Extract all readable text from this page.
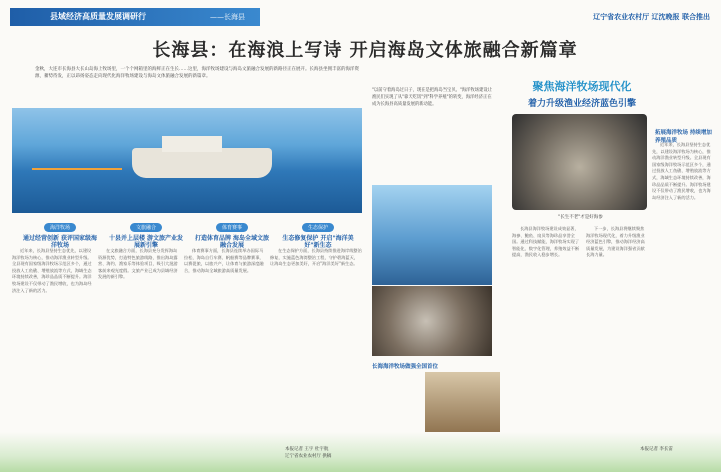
县域经济高质量发展调研行	——长海县	辽宁省农业农村厅 辽沈晚报 联合推出
长海县：在海浪上写诗 开启海岛文体旅融合新篇章
金秋，大连市长海县大长山岛海上牧场里，一个个网箱里的海鲜正在生长……这里，海洋牧场建设与海岛文旅融合发展的新路径正在展开。长海县坐拥丰富的海洋资源，蓄势待发，正以昂扬姿态走向现代化海洋牧场建设与海岛文体旅融合发展的新篇章。
海洋牧场
通过经营创新 获评国家级海洋牧场
文旅融合
十县并上层楼 游文旅产业发展新引擎
体育赛事
打造体育品牌 海岛全域文旅融合发展
生态保护
生态修复保护 开启"海洋美好"新生态

近年来，长海县坚持生态优先，以建设海洋牧场为核心，推动海洋渔业转型升级。全县现有国家级海洋牧场示范区多个，通过投放人工鱼礁、增殖放流等方式，海域生态环境持续改善，海珍品品质不断提升。海洋牧场建设不仅带动了渔民增收，也为海岛经济注入了新的活力。

在文旅融合方面，长海县充分发挥海岛资源优势，打造特色旅游线路，推出海岛露营、海钓、渔家乐等体验项目，吸引大批游客前来观光度假。文旅产业已成为县域经济发展的新引擎。

体育赛事方面，长海县连续举办国际马拉松、海岛自行车赛、帆船赛等品牌赛事，以赛促旅，以旅兴产，让体育与旅游深度融合，推动海岛全域旅游高质量发展。

在生态保护方面，长海县持续推进海岸线整治修复，实施蓝色海湾整治工程，守护碧海蓝天，让海岛生态更加美好，开启"海洋美好"新生态。

"以前守着海岛过日子，现在是把海岛当宝贝。"海洋牧场建设让渔民们实现了从"靠天吃饭"到"科学养殖"的转变，海洋经济正在成为长海县高质量发展的新动能。
长海海洋牧场做强全国首位
聚焦海洋牧场现代化
着力升级渔业经济蓝色引擎
"长生不老"才是好海参
拓展海洋牧场 持续增加养殖品质

长海县海洋牧场建设成效显著，海参、鲍鱼、扇贝等海珍品享誉全国。通过科技赋能，海洋牧场实现了智能化、数字化管理，养殖效益不断提高，渔民收入稳步增长。

下一步，长海县将继续聚焦海洋牧场现代化，着力升级渔业经济蓝色引擎，推动海洋经济高质量发展，为建设海洋强省贡献长海力量。

近年来，长海县坚持生态优先，以建设海洋牧场为核心，推动海洋渔业转型升级。全县现有国家级海洋牧场示范区多个，通过投放人工鱼礁、增殖放流等方式，海域生态环境持续改善，海珍品品质不断提升。海洋牧场建设不仅带动了渔民增收，也为海岛经济注入了新的活力。

本报记者 王宇 杜宇航
辽宁省农业农村厅 供稿
本报记者 李长雷
